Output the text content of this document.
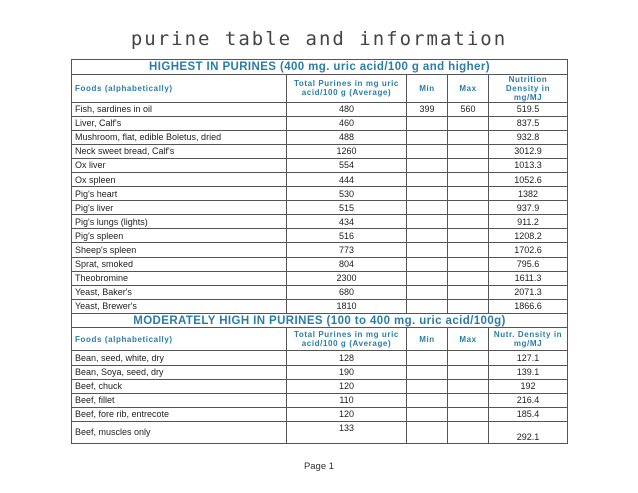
purine table and information
HIGHEST IN PURINES (400 mg. uric acid/100 g and higher)				
Foods (alphabetically)	Total Purines in mg uric acid/100 g (Average)	Min	Max	Nutrition Density in mg/MJ
Fish, sardines in oil	480	399	560	519.5
Liver, Calf's	460			837.5
Mushroom, flat, edible Boletus, dried	488			932.8
Neck sweet bread, Calf's	1260			3012.9
Ox liver	554			1013.3
Ox spleen	444			1052.6
Pig's heart	530			1382
Pig's liver	515			937.9
Pig's lungs (lights)	434			911.2
Pig's spleen	516			1208.2
Sheep's spleen	773			1702.6
Sprat, smoked	804			795.6
Theobromine	2300			1611.3
Yeast, Baker's	680			2071.3
Yeast, Brewer's	1810			1866.6
MODERATELY HIGH IN PURINES (100 to 400 mg. uric acid/100g)				
Foods (alphabetically)	Total Purines in mg uric acid/100 g (Average)	Min	Max	Nutr. Density in mg/MJ
Bean, seed, white, dry	128			127.1
Bean, Soya, seed, dry	190			139.1
Beef, chuck	120			192
Beef, fillet	110			216.4
Beef, fore rib, entrecote	120			185.4
Beef, muscles only	133			292.1
Page 1
